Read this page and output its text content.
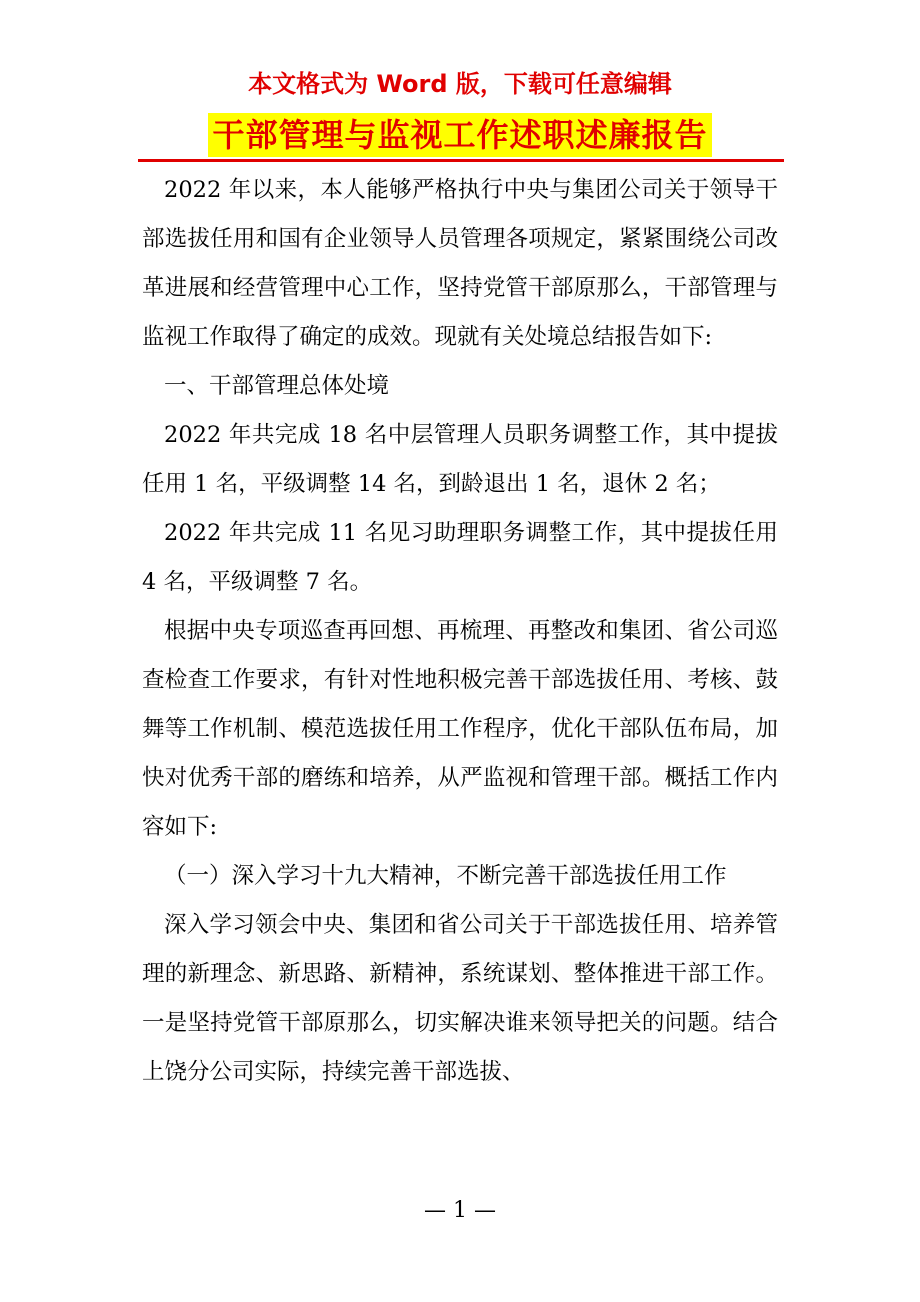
本文格式为 Word 版，下载可任意编辑
干部管理与监视工作述职述廉报告

2022 年以来，本人能够严格执行中央与集团公司关于领导干部选拔任用和国有企业领导人员管理各项规定，紧紧围绕公司改革进展和经营管理中心工作，坚持党管干部原那么，干部管理与监视工作取得了确定的成效。现就有关处境总结报告如下:

一、干部管理总体处境

2022 年共完成 18 名中层管理人员职务调整工作，其中提拔任用 1 名，平级调整 14 名，到龄退出 1 名，退休 2 名；

2022 年共完成 11 名见习助理职务调整工作，其中提拔任用 4 名，平级调整 7 名。

根据中央专项巡查再回想、再梳理、再整改和集团、省公司巡查检查工作要求，有针对性地积极完善干部选拔任用、考核、鼓舞等工作机制、模范选拔任用工作程序，优化干部队伍布局，加快对优秀干部的磨练和培养，从严监视和管理干部。概括工作内容如下:

（一）深入学习十九大精神，不断完善干部选拔任用工作

深入学习领会中央、集团和省公司关于干部选拔任用、培养管理的新理念、新思路、新精神，系统谋划、整体推进干部工作。一是坚持党管干部原那么，切实解决谁来领导把关的问题。结合上饶分公司实际，持续完善干部选拔、

— 1 —
